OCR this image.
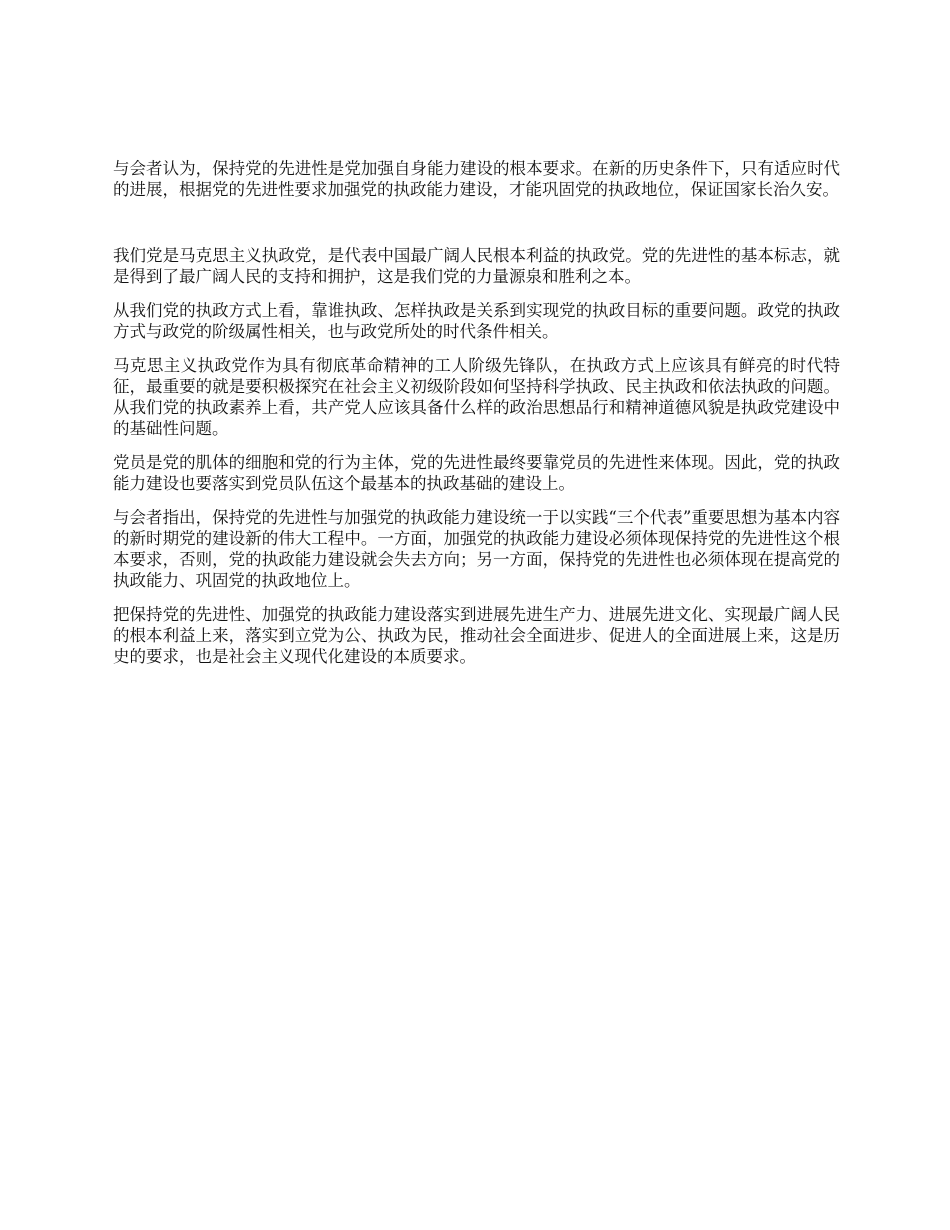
与会者认为，保持党的先进性是党加强自身能力建设的根本要求。在新的历史条件下，只有适应时代的进展，根据党的先进性要求加强党的执政能力建设，才能巩固党的执政地位，保证国家长治久安。

我们党是马克思主义执政党，是代表中国最广阔人民根本利益的执政党。党的先进性的基本标志，就是得到了最广阔人民的支持和拥护，这是我们党的力量源泉和胜利之本。

从我们党的执政方式上看，靠谁执政、怎样执政是关系到实现党的执政目标的重要问题。政党的执政方式与政党的阶级属性相关，也与政党所处的时代条件相关。

马克思主义执政党作为具有彻底革命精神的工人阶级先锋队，在执政方式上应该具有鲜亮的时代特征，最重要的就是要积极探究在社会主义初级阶段如何坚持科学执政、民主执政和依法执政的问题。从我们党的执政素养上看，共产党人应该具备什么样的政治思想品行和精神道德风貌是执政党建设中的基础性问题。

党员是党的肌体的细胞和党的行为主体，党的先进性最终要靠党员的先进性来体现。因此，党的执政能力建设也要落实到党员队伍这个最基本的执政基础的建设上。

与会者指出，保持党的先进性与加强党的执政能力建设统一于以实践“三个代表”重要思想为基本内容的新时期党的建设新的伟大工程中。一方面，加强党的执政能力建设必须体现保持党的先进性这个根本要求，否则，党的执政能力建设就会失去方向；另一方面，保持党的先进性也必须体现在提高党的执政能力、巩固党的执政地位上。

把保持党的先进性、加强党的执政能力建设落实到进展先进生产力、进展先进文化、实现最广阔人民的根本利益上来，落实到立党为公、执政为民，推动社会全面进步、促进人的全面进展上来，这是历史的要求，也是社会主义现代化建设的本质要求。
